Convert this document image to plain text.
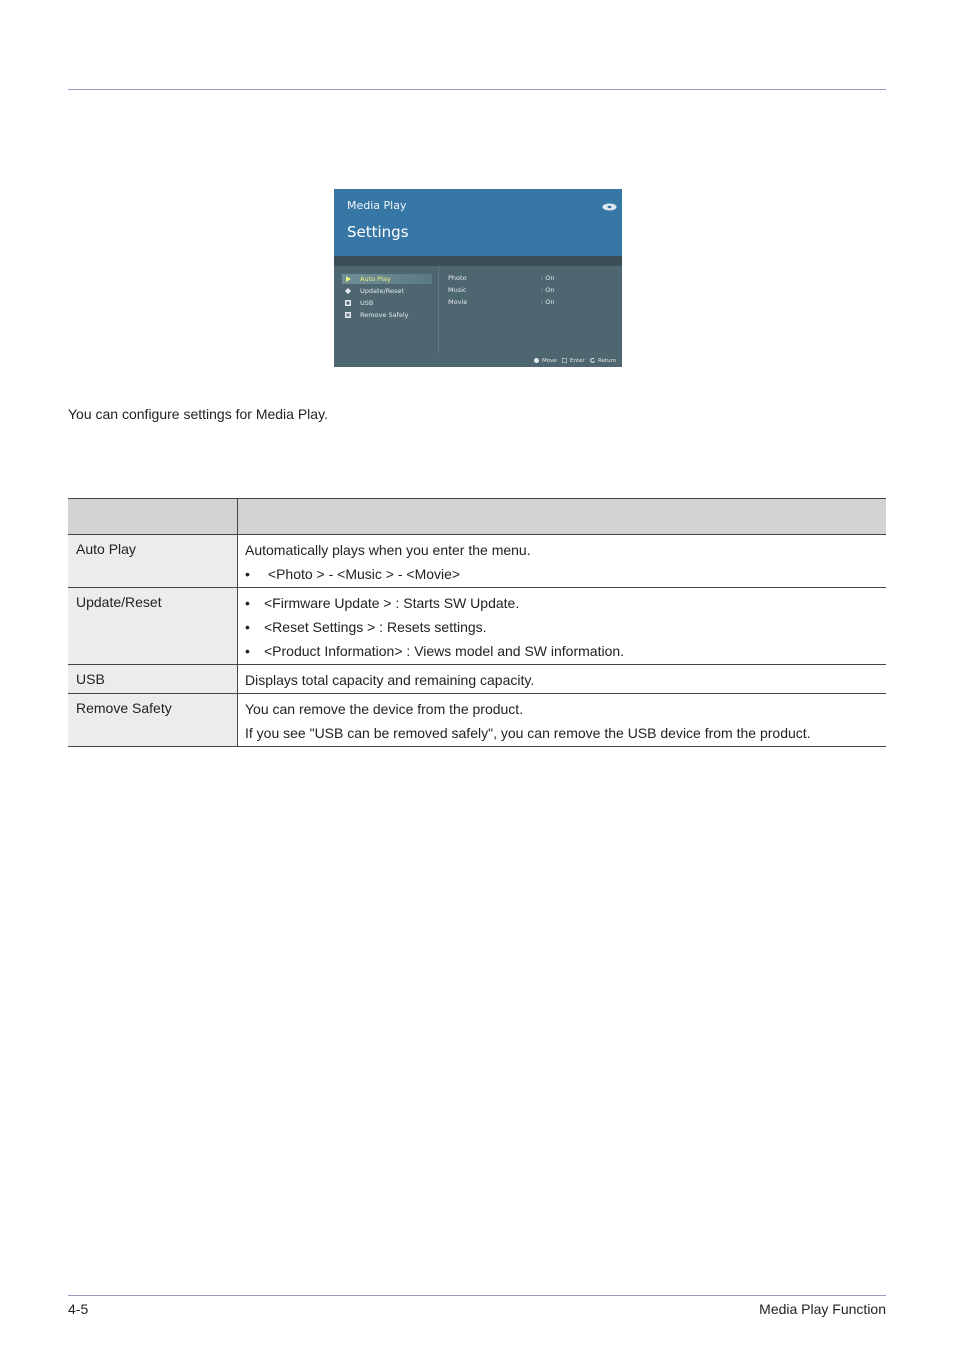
Media Play
Settings
Auto Play
Update/Reset
USB
Remove Safely
Photo	: On
Music	: On
Movie	: On
Move	Enter	Return
You can configure settings for Media Play.

Auto Play	Automatically plays when you enter the menu.
•  <Photo > - <Music > - <Movie>

Update/Reset	• <Firmware Update > : Starts SW Update.
• <Reset Settings > : Resets settings.
• <Product Information> : Views model and SW information.

USB	Displays total capacity and remaining capacity.

Remove Safety	You can remove the device from the product.
If you see "USB can be removed safely", you can remove the USB device from the product.
4-5	Media Play Function
